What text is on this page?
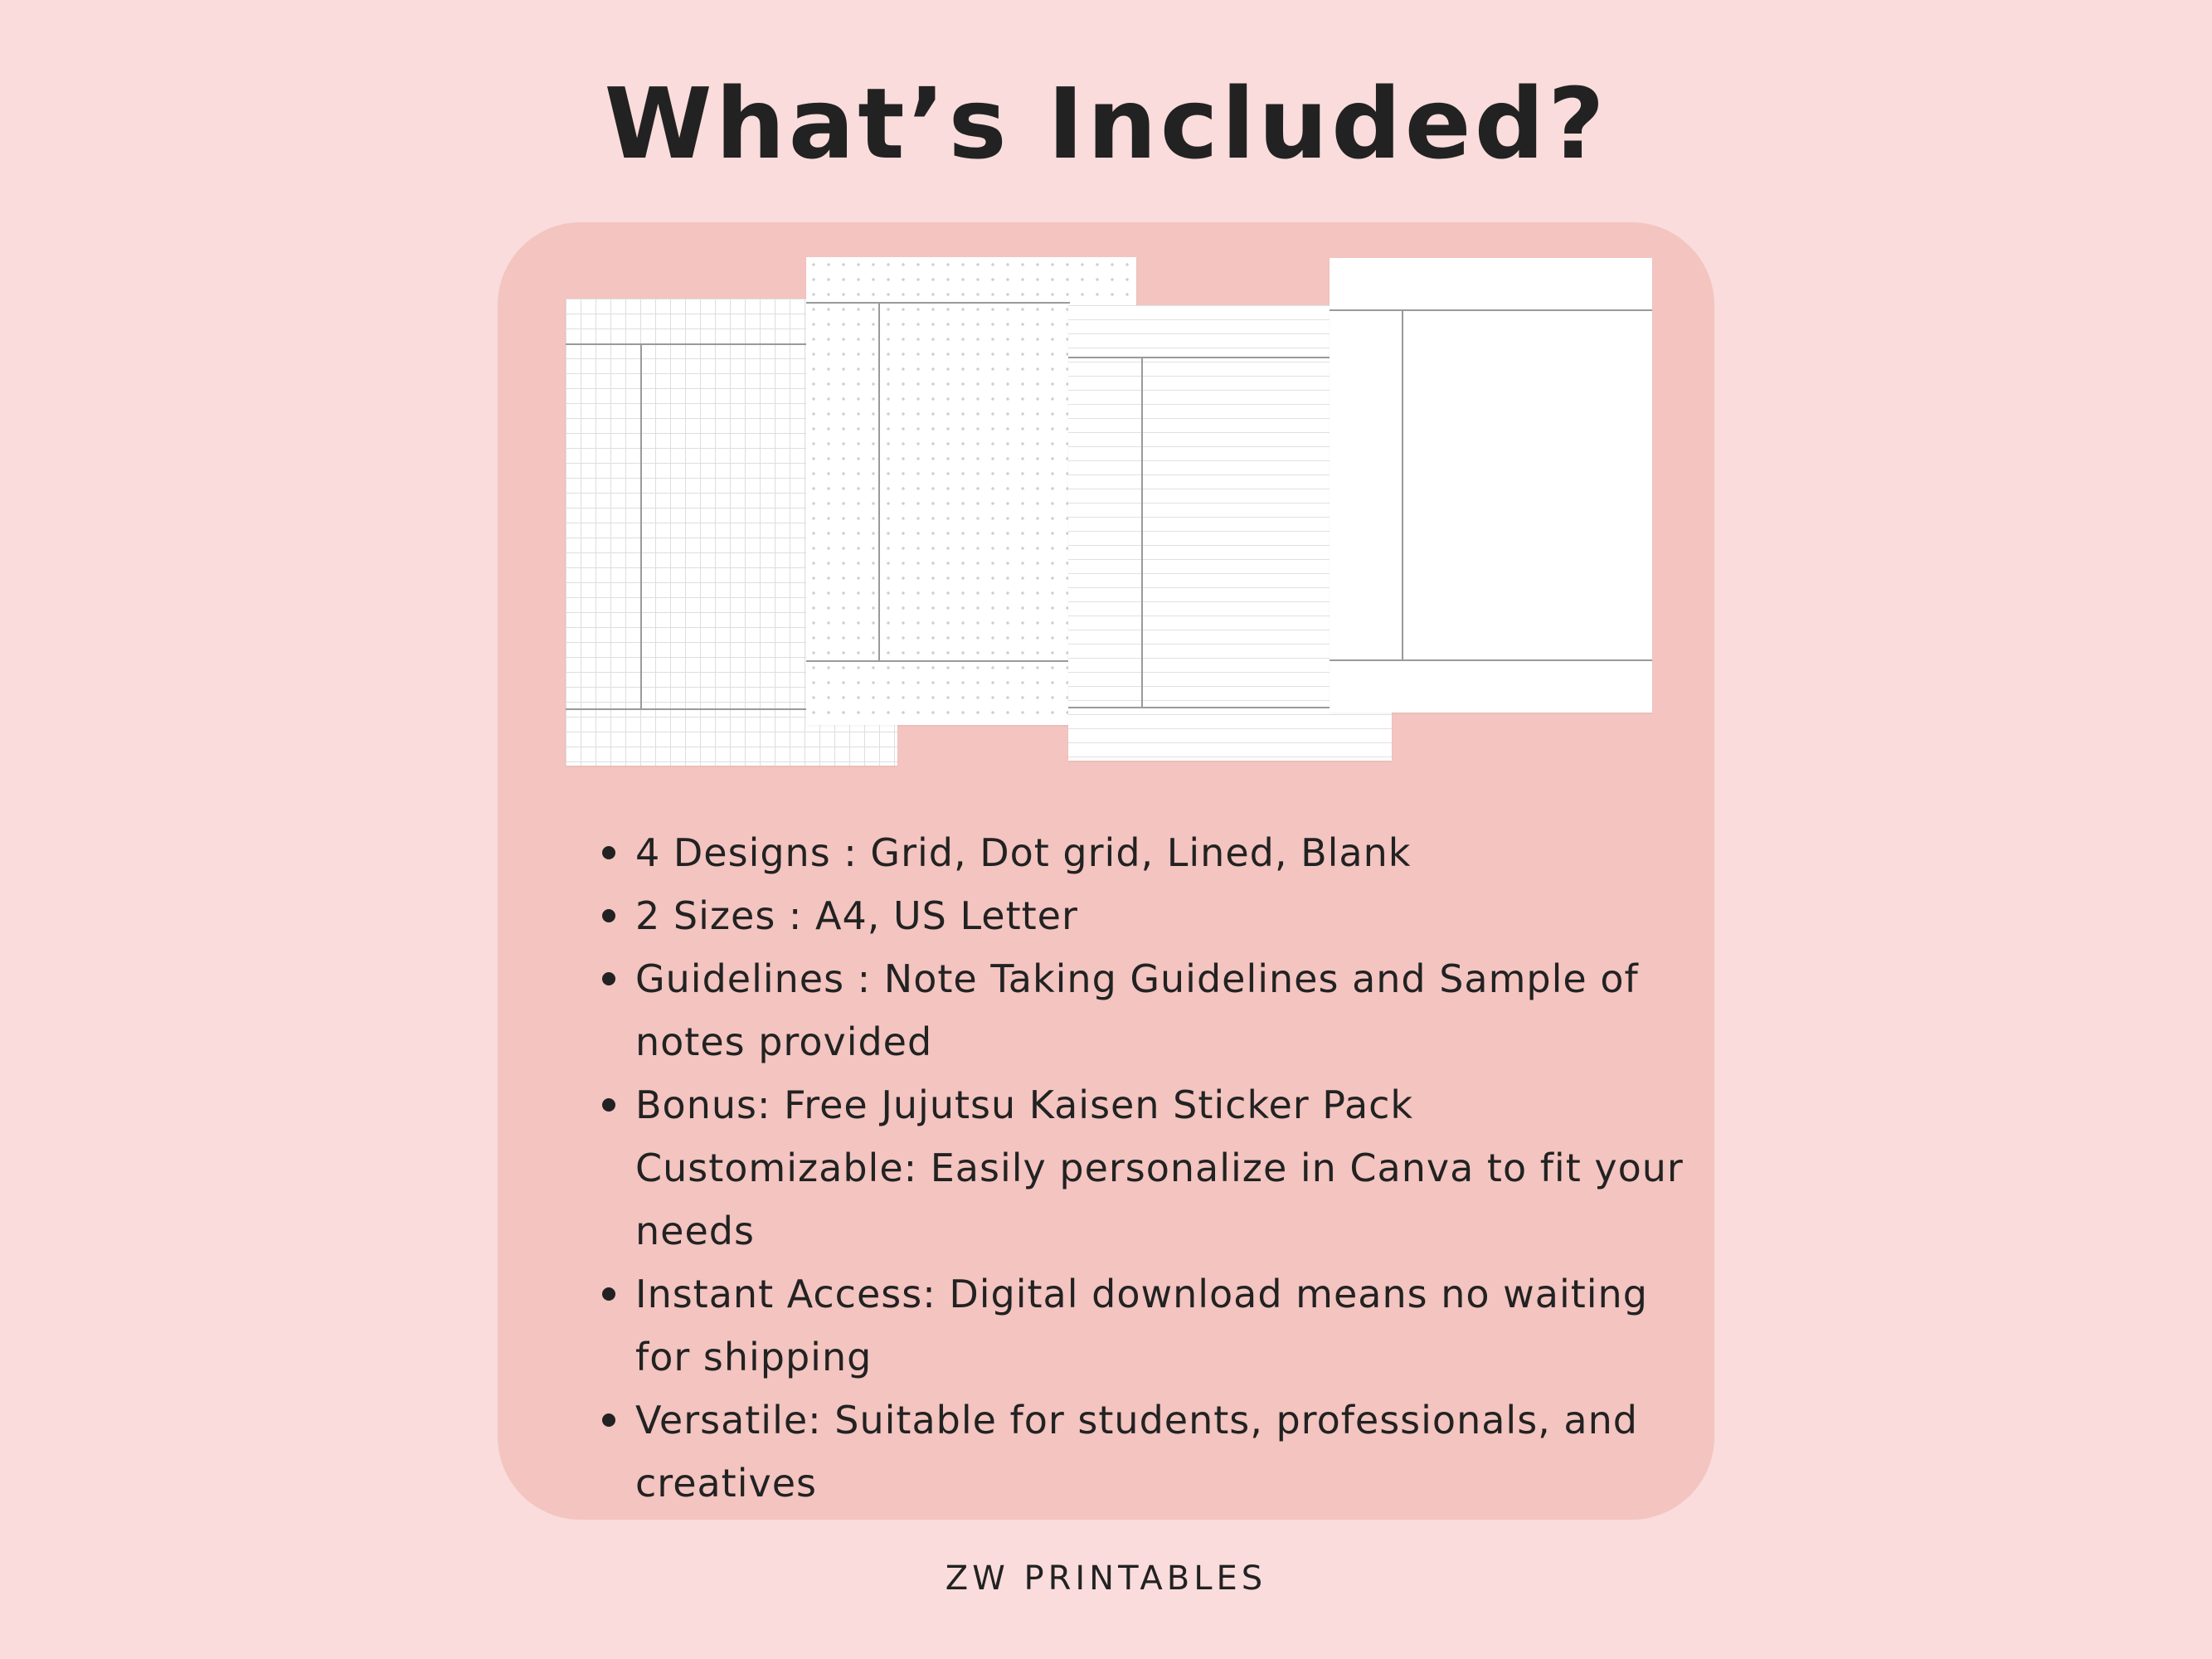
What’s Included?
4 Designs : Grid, Dot grid, Lined, Blank
2 Sizes : A4, US Letter
Guidelines : Note Taking Guidelines and Sample of notes provided
Bonus: Free Jujutsu Kaisen Sticker Pack Customizable: Easily personalize in Canva to fit your needs
Instant Access: Digital download means no waiting for shipping
Versatile: Suitable for students, professionals, and creatives
ZW PRINTABLES
